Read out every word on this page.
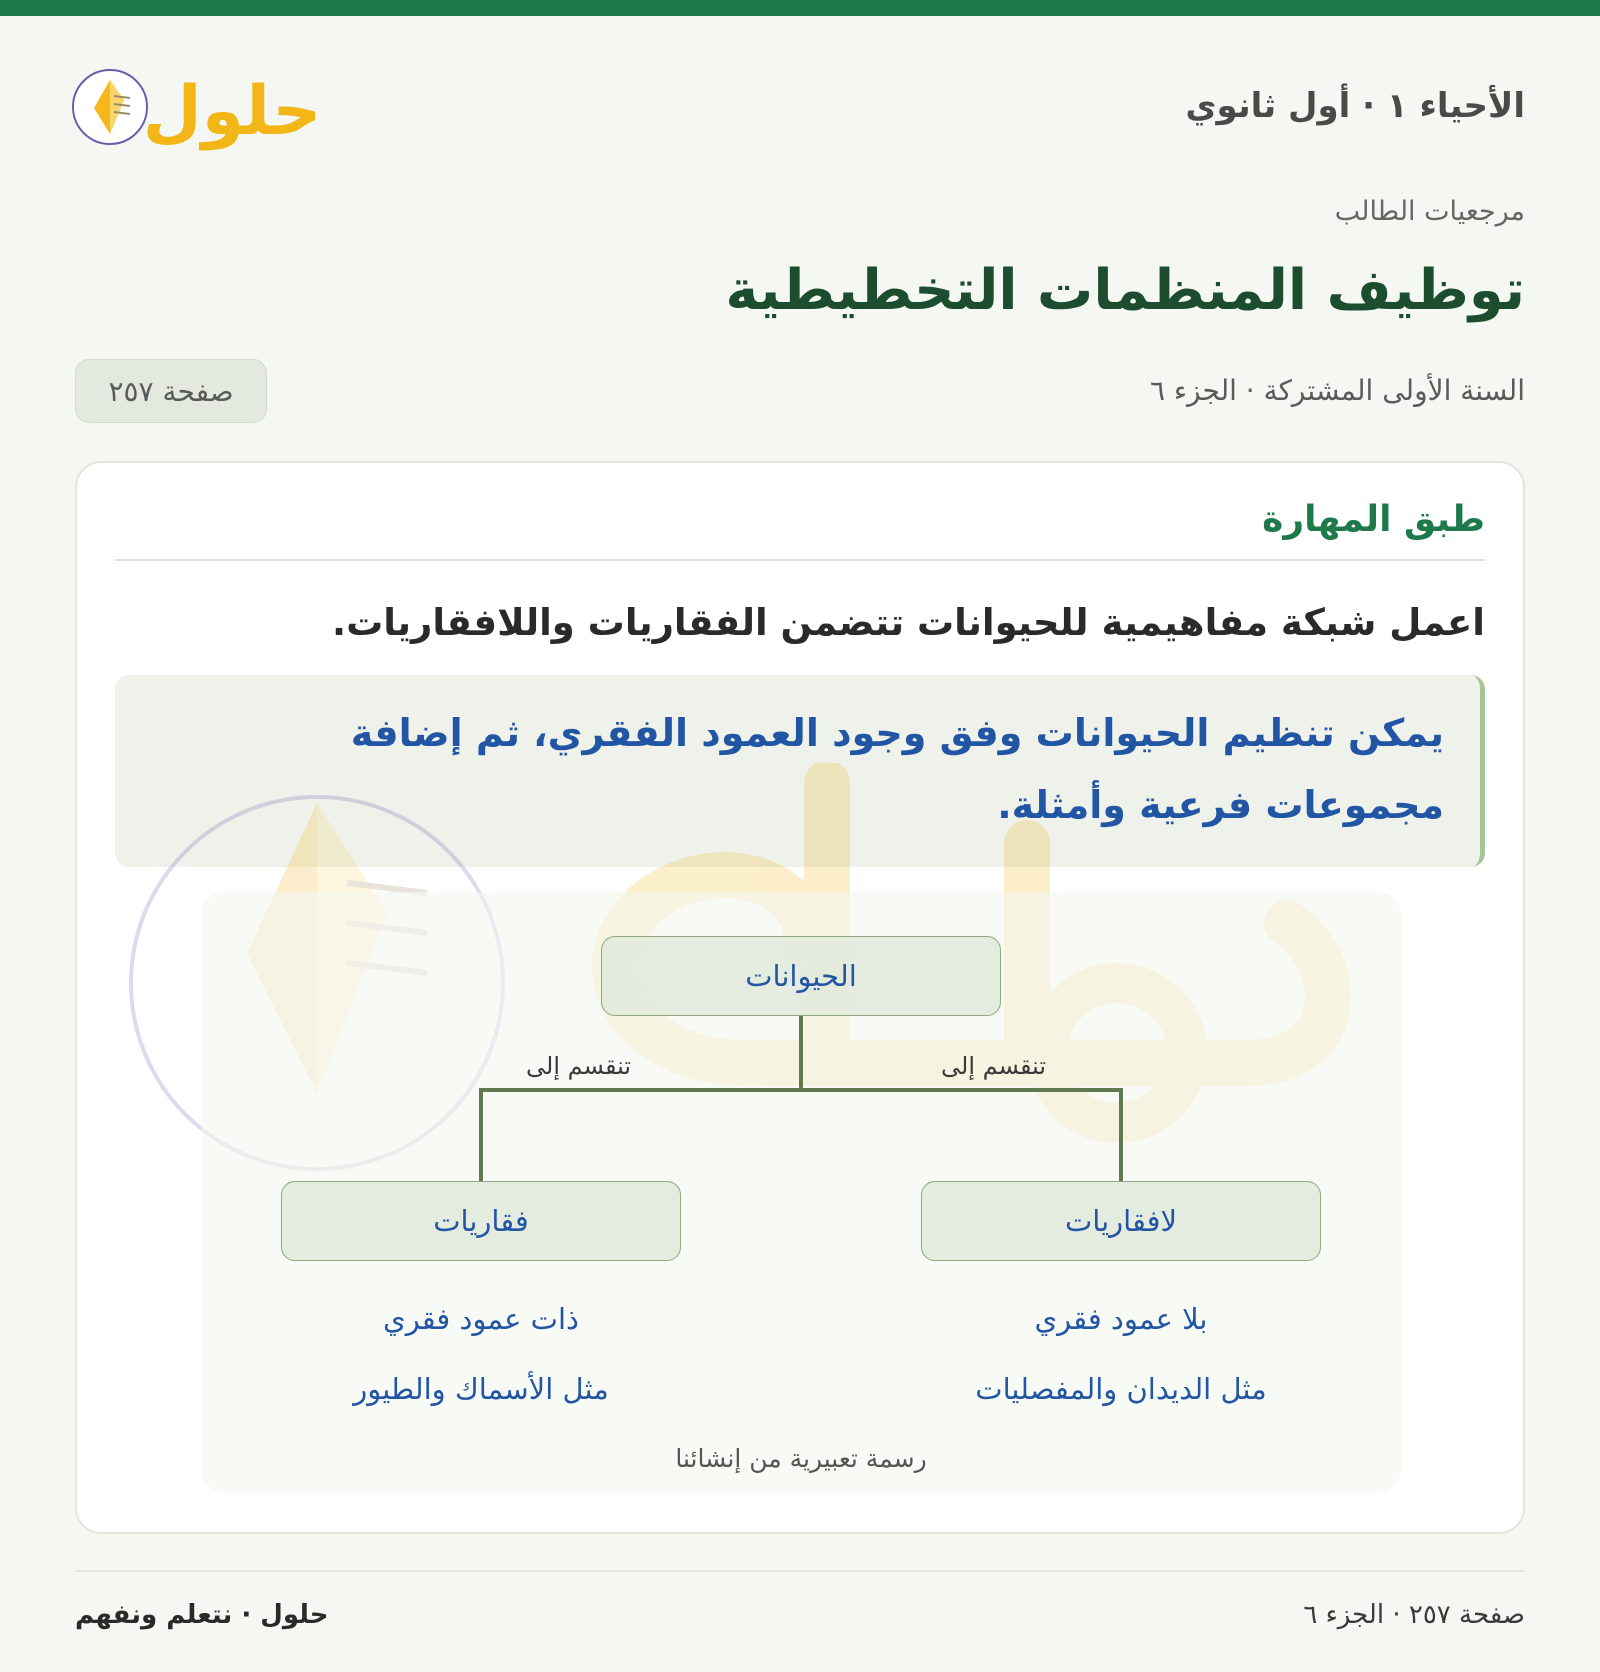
الأحياء ١ · أول ثانوي
حلول
مرجعيات الطالب
توظيف المنظمات التخطيطية
السنة الأولى المشتركة · الجزء ٦
صفحة ٢٥٧
طبق المهارة
اعمل شبكة مفاهيمية للحيوانات تتضمن الفقاريات واللافقاريات.

يمكن تنظيم الحيوانات وفق وجود العمود الفقري، ثم إضافة

مجموعات فرعية وأمثلة.

الحيوانات
تنقسم إلى	تنقسم إلى
فقاريات	لافقاريات
ذات عمود فقري
مثل الأسماك والطيور
بلا عمود فقري
مثل الديدان والمفصليات
رسمة تعبيرية من إنشائنا
صفحة ٢٥٧ · الجزء ٦
حلول · نتعلم ونفهم
